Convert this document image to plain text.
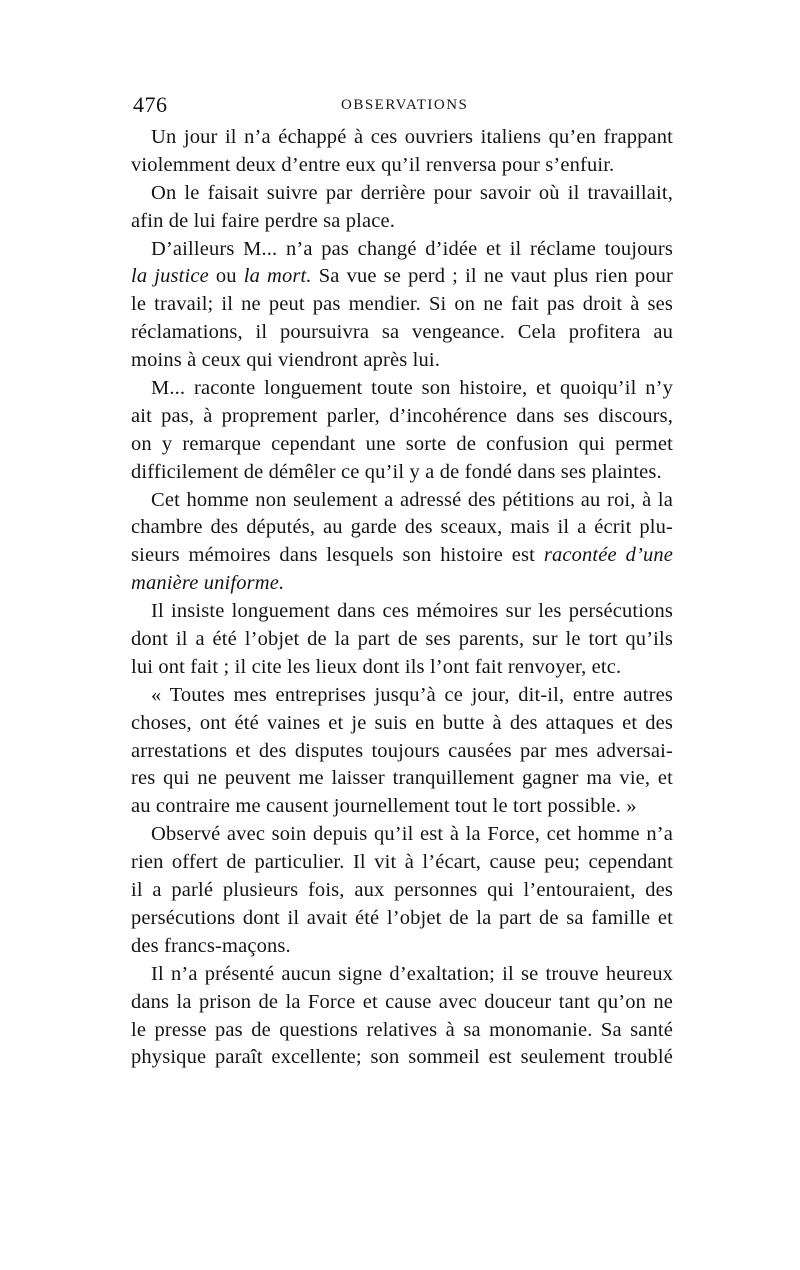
476	OBSERVATIONS
Un jour il n’a échappé à ces ouvriers italiens qu’en frappant
violemment deux d’entre eux qu’il renversa pour s’enfuir.
On le faisait suivre par derrière pour savoir où il travaillait,
afin de lui faire perdre sa place.
D’ailleurs M... n’a pas changé d’idée et il réclame toujours
la justice ou la mort. Sa vue se perd ; il ne vaut plus rien pour
le travail; il ne peut pas mendier. Si on ne fait pas droit à ses
réclamations, il poursuivra sa vengeance. Cela profitera au
moins à ceux qui viendront après lui.
M... raconte longuement toute son histoire, et quoiqu’il n’y
ait pas, à proprement parler, d’incohérence dans ses discours,
on y remarque cependant une sorte de confusion qui permet
difficilement de démêler ce qu’il y a de fondé dans ses plaintes.
Cet homme non seulement a adressé des pétitions au roi, à la
chambre des députés, au garde des sceaux, mais il a écrit plu-
sieurs mémoires dans lesquels son histoire est racontée d’une
manière uniforme.
Il insiste longuement dans ces mémoires sur les persécutions
dont il a été l’objet de la part de ses parents, sur le tort qu’ils
lui ont fait ; il cite les lieux dont ils l’ont fait renvoyer, etc.
« Toutes mes entreprises jusqu’à ce jour, dit-il, entre autres
choses, ont été vaines et je suis en butte à des attaques et des
arrestations et des disputes toujours causées par mes adversai-
res qui ne peuvent me laisser tranquillement gagner ma vie, et
au contraire me causent journellement tout le tort possible. »
Observé avec soin depuis qu’il est à la Force, cet homme n’a
rien offert de particulier. Il vit à l’écart, cause peu; cependant
il a parlé plusieurs fois, aux personnes qui l’entouraient, des
persécutions dont il avait été l’objet de la part de sa famille et
des francs-maçons.
Il n’a présenté aucun signe d’exaltation; il se trouve heureux
dans la prison de la Force et cause avec douceur tant qu’on ne
le presse pas de questions relatives à sa monomanie. Sa santé
physique paraît excellente; son sommeil est seulement troublé
